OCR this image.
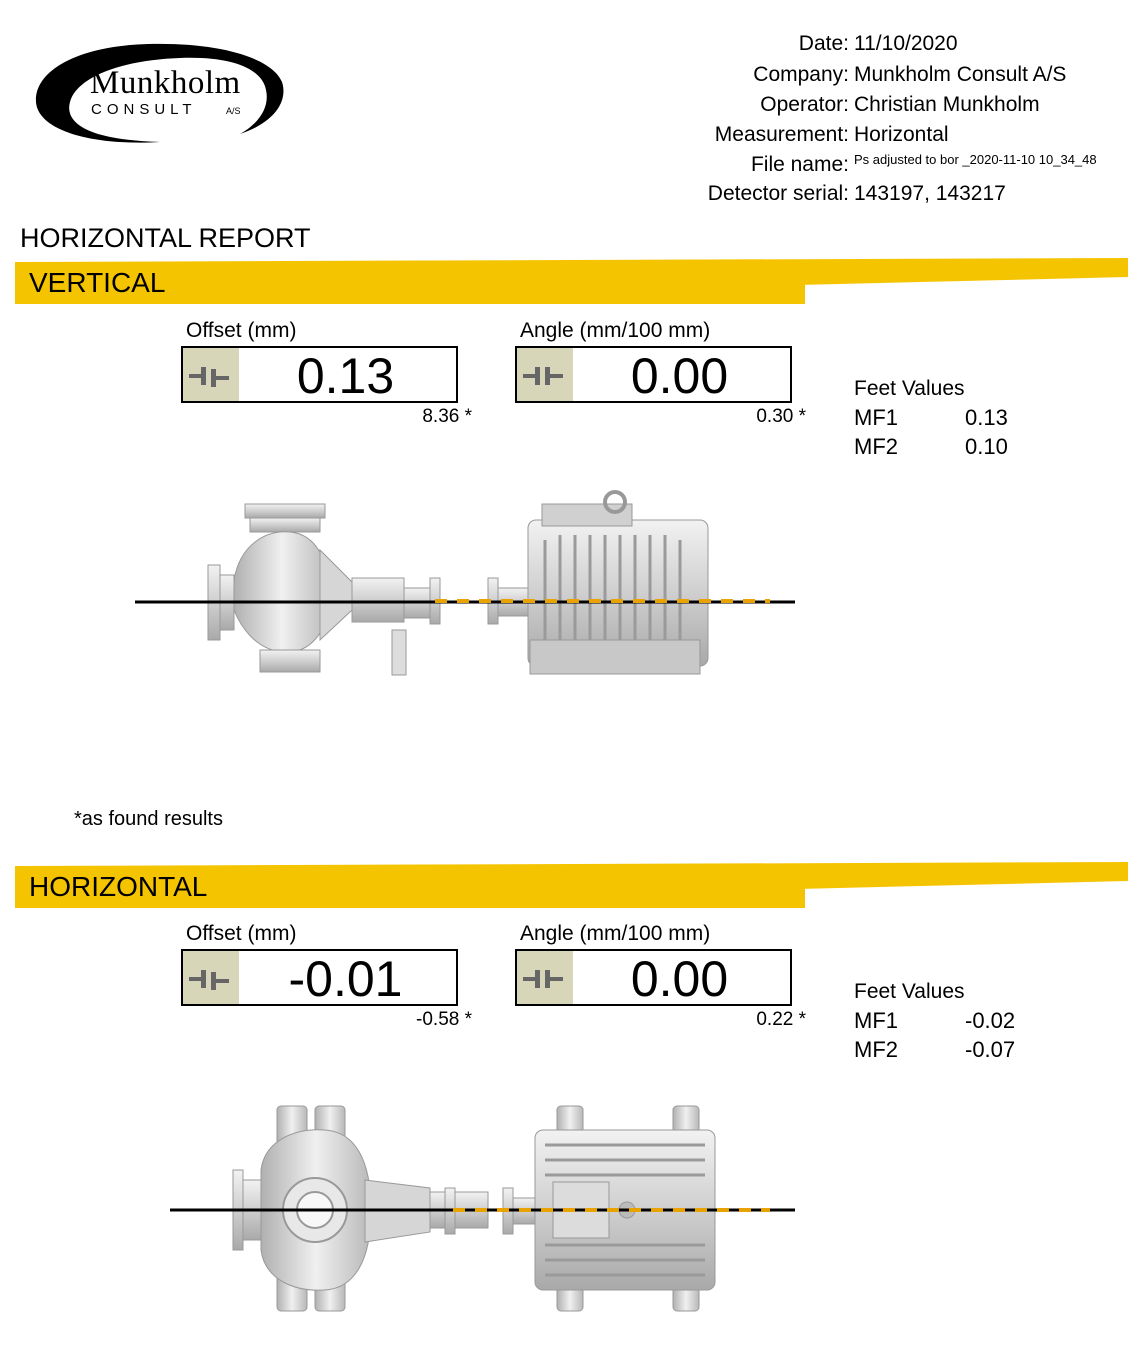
Munkholm
CONSULT	A/S
Date: 11/10/2020
Company: Munkholm Consult A/S
Operator: Christian Munkholm
Measurement: Horizontal
File name: Ps adjusted to bor _2020-11-10 10_34_48
Detector serial: 143197, 143217
HORIZONTAL REPORT
VERTICAL
Offset (mm)
0.13
8.36 *
Angle (mm/100 mm)
0.00
0.30 *
Feet Values
MF1	0.13
MF2	0.10
*as found results
HORIZONTAL
Offset (mm)
-0.01
-0.58 *
Angle (mm/100 mm)
0.00
0.22 *
Feet Values
MF1	-0.02
MF2	-0.07
